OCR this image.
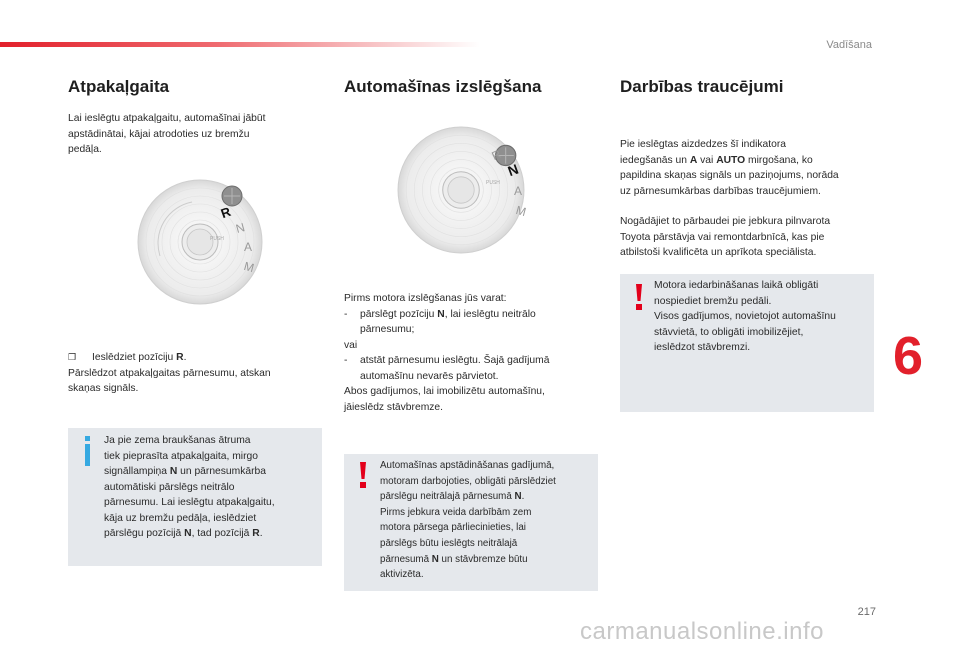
Vadīšana
Atpakaļgaita
Lai ieslēgtu atpakaļgaitu, automašīnai jābūt
apstādinātai, kājai atrodoties uz bremžu
pedāļa.
R
N
A
M
PUSH
❒ Ieslēdziet pozīciju R.
Pārslēdzot atpakaļgaitas pārnesumu, atskan
skaņas signāls.
Ja pie zema braukšanas ātruma
tiek pieprasīta atpakaļgaita, mirgo
signāllampiņa N un pārnesumkārba
automātiski pārslēgs neitrālo
pārnesumu. Lai ieslēgtu atpakaļgaitu,
kāja uz bremžu pedāļa, ieslēdziet
pārslēgu pozīcijā N, tad pozīcijā R.
Automašīnas izslēgšana
R
N
A
M
PUSH
Pirms motora izslēgšanas jūs varat:
- pārslēgt pozīciju N, lai ieslēgtu neitrālo
pārnesumu;
vai
- atstāt pārnesumu ieslēgtu. Šajā gadījumā
automašīnu nevarēs pārvietot.
Abos gadījumos, lai imobilizētu automašīnu,
jāieslēdz stāvbremze.
Automašīnas apstādināšanas gadījumā,
motoram darbojoties, obligāti pārslēdziet
pārslēgu neitrālajā pārnesumā N.
Pirms jebkura veida darbībām zem
motora pārsega pārliecinieties, lai
pārslēgs būtu ieslēgts neitrālajā
pārnesumā N un stāvbremze būtu
aktivizēta.
Darbības traucējumi
Pie ieslēgtas aizdedzes šī indikatora
iedegšanās un A vai AUTO mirgošana, ko
papildina skaņas signāls un paziņojums, norāda
uz pārnesumkārbas darbības traucējumiem.
Nogādājiet to pārbaudei pie jebkura pilnvarota
Toyota pārstāvja vai remontdarbnīcā, kas pie
atbilstoši kvalificēta un aprīkota speciālista.
Motora iedarbināšanas laikā obligāti
nospiediet bremžu pedāli.
Visos gadījumos, novietojot automašīnu
stāvvietā, to obligāti imobilizējiet,
ieslēdzot stāvbremzi.	6
217
carmanualsonline.info
